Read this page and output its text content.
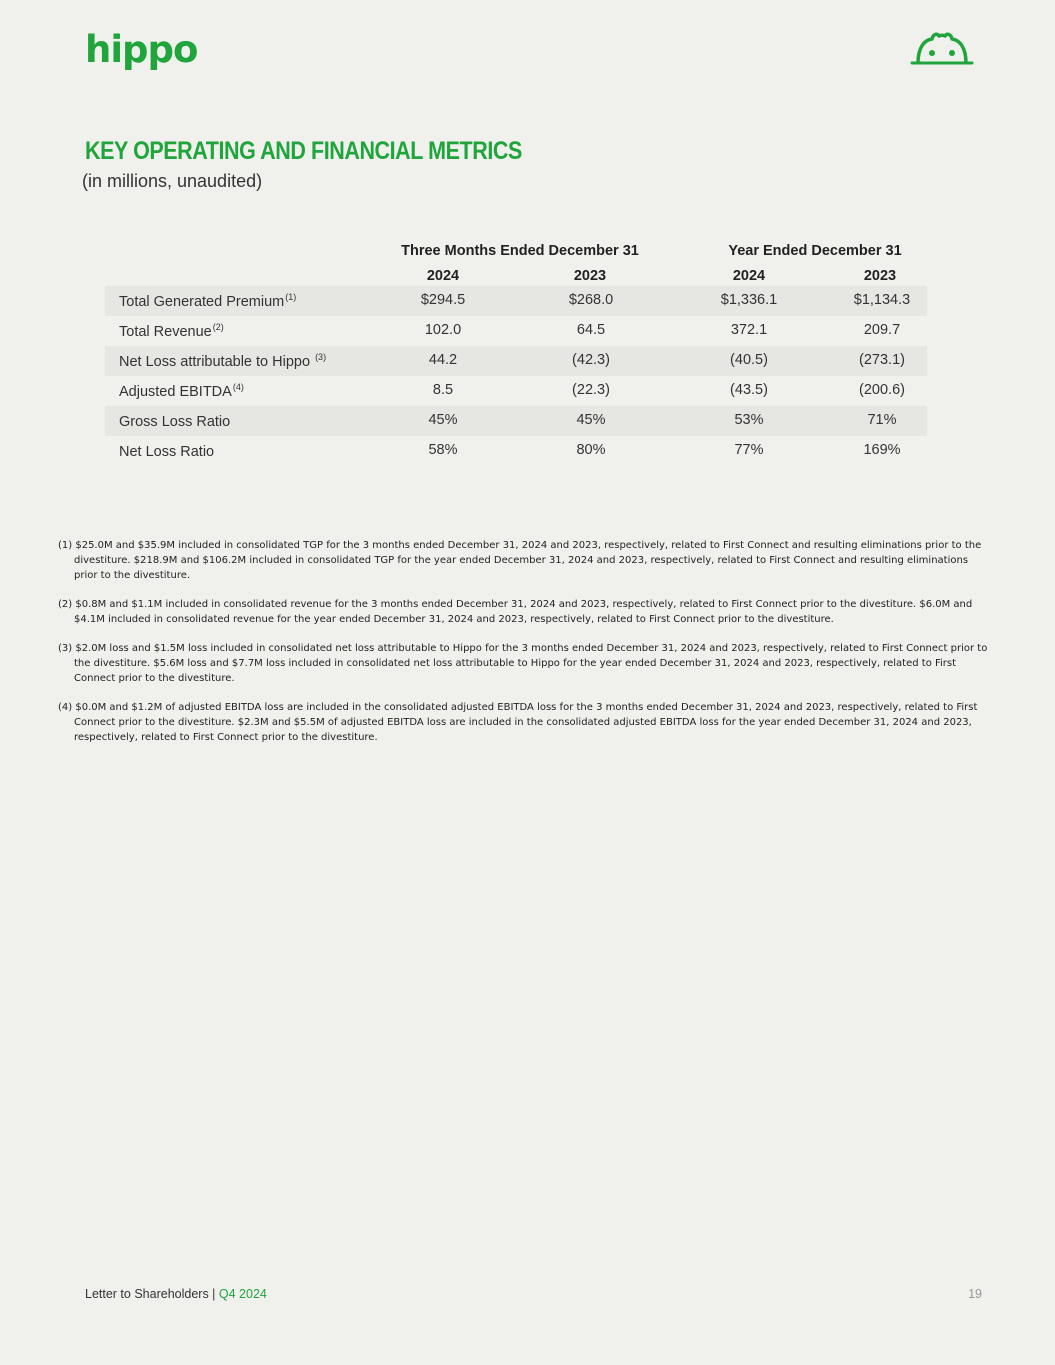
hippo
KEY OPERATING AND FINANCIAL METRICS
(in millions, unaudited)
Three Months Ended December 31	Year Ended December 31
2024	2023	2024	2023
Total Generated Premium$^{(1)}$	$294.5	$268.0	$1,336.1	$1,134.3
Total Revenue$^{(2)}$	102.0	64.5	372.1	209.7
Net Loss attributable to Hippo $^{(3)}$	44.2	(42.3)	(40.5)	(273.1)
Adjusted EBITDA$^{(4)}$	8.5	(22.3)	(43.5)	(200.6)
Gross Loss Ratio	45%	45%	53%	71%
Net Loss Ratio	58%	80%	77%	169%

(1) $25.0M and $35.9M included in consolidated TGP for the 3 months ended December 31, 2024 and 2023, respectively, related to First Connect and resulting eliminations prior to the divestiture. $218.9M and $106.2M included in consolidated TGP for the year ended December 31, 2024 and 2023, respectively, related to First Connect and resulting eliminations prior to the divestiture.

(2) $0.8M and $1.1M included in consolidated revenue for the 3 months ended December 31, 2024 and 2023, respectively, related to First Connect prior to the divestiture. $6.0M and $4.1M included in consolidated revenue for the year ended December 31, 2024 and 2023, respectively, related to First Connect prior to the divestiture.

(3) $2.0M loss and $1.5M loss included in consolidated net loss attributable to Hippo for the 3 months ended December 31, 2024 and 2023, respectively, related to First Connect prior to the divestiture. $5.6M loss and $7.7M loss included in consolidated net loss attributable to Hippo for the year ended December 31, 2024 and 2023, respectively, related to First Connect prior to the divestiture.

(4) $0.0M and $1.2M of adjusted EBITDA loss are included in the consolidated adjusted EBITDA loss for the 3 months ended December 31, 2024 and 2023, respectively, related to First Connect prior to the divestiture. $2.3M and $5.5M of adjusted EBITDA loss are included in the consolidated adjusted EBITDA loss for the year ended December 31, 2024 and 2023, respectively, related to First Connect prior to the divestiture.

Letter to Shareholders | Q4 2024	19
